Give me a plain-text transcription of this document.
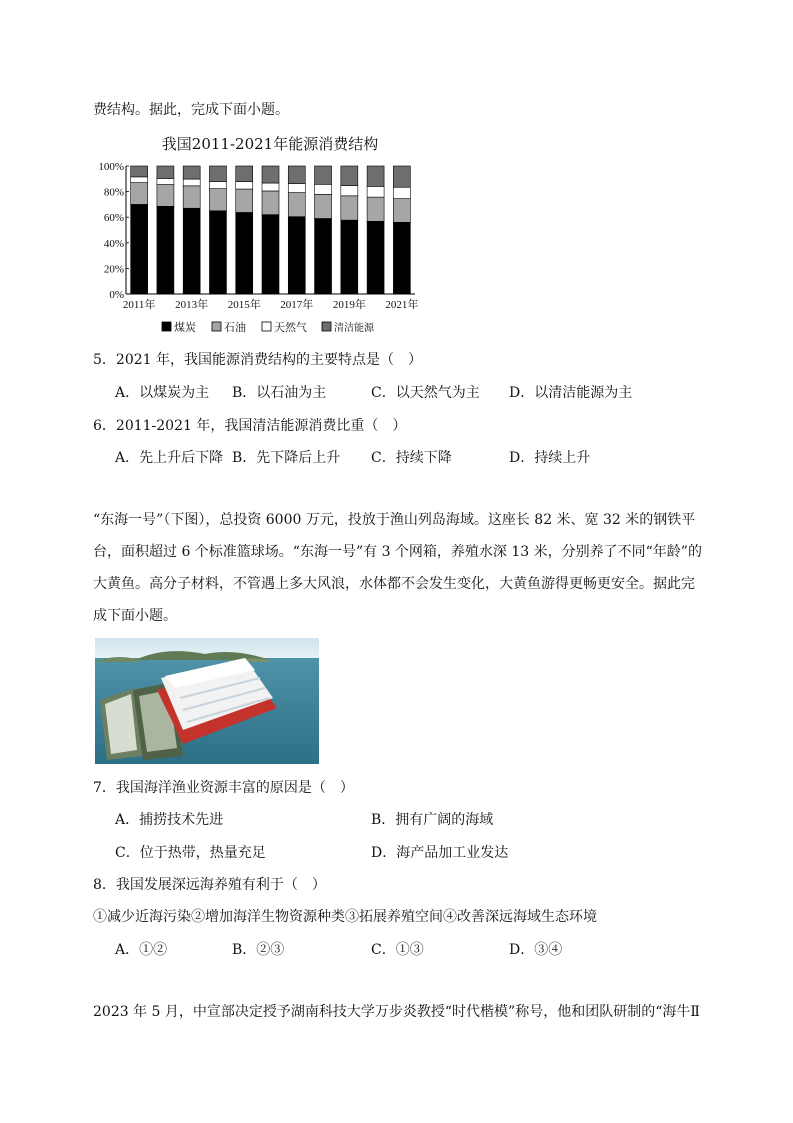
费结构。据此，完成下面小题。
我国2011-2021年能源消费结构
0%
20%
40%
60%
80%
100%
2011年 2013年 2015年 2017年 2019年 2021年
煤炭	石油	天然气	清洁能源
5．2021 年，我国能源消费结构的主要特点是（　）
A．以煤炭为主 B．以石油为主	C．以天然气为主 D．以清洁能源为主
6．2011-2021 年，我国清洁能源消费比重（　）
A．先上升后下降 B．先下降后上升 C．持续下降	D．持续上升
“东海一号”（下图），总投资 6000 万元，投放于渔山列岛海域。这座长 82 米、宽 32 米的钢铁平
台，面积超过 6 个标准篮球场。“东海一号”有 3 个网箱，养殖水深 13 米，分别养了不同“年龄”的
大黄鱼。高分子材料，不管遇上多大风浪，水体都不会发生变化，大黄鱼游得更畅更安全。据此完
成下面小题。
7．我国海洋渔业资源丰富的原因是（　）
A．捕捞技术先进	B．拥有广阔的海域
C．位于热带，热量充足	D．海产品加工业发达
8．我国发展深远海养殖有利于（　）
①减少近海污染②增加海洋生物资源种类③拓展养殖空间④改善深远海域生态环境
A．①②	B．②③	C．①③	D．③④
2023 年 5 月，中宣部决定授予湖南科技大学万步炎教授“时代楷模”称号，他和团队研制的“海牛Ⅱ
